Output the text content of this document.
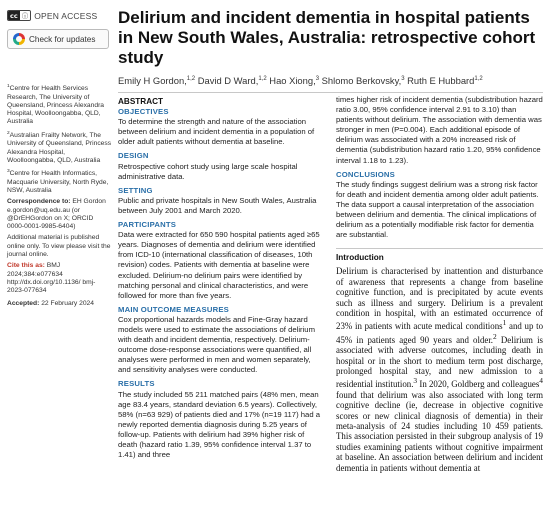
cc ⓘ OPEN ACCESS
Check for updates

$^1$Centre for Health Services Research, The University of Queensland, Princess Alexandra Hospital, Woolloongabba, QLD, Australia

$^2$Australian Frailty Network, The University of Queensland, Princess Alexandra Hospital, Woolloongabba, QLD, Australia

$^3$Centre for Health Informatics, Macquarie University, North Ryde, NSW, Australia

Correspondence to: EH Gordon e.gordon@uq.edu.au (or @DrEHGordon on X; ORCID 0000-0001-9985-6404)

Additional material is published online only. To view please visit the journal online.

Cite this as: BMJ 2024;384:e077634 http://dx.doi.org/10.1136/ bmj-2023-077634

Accepted: 22 February 2024

Delirium and incident dementia in hospital patients in New South Wales, Australia: retrospective cohort study
Emily H Gordon,$^{1,2}$ David D Ward,$^{1,2}$ Hao Xiong,$^3$ Shlomo Berkovsky,$^3$ Ruth E Hubbard$^{1,2}$
ABSTRACT
OBJECTIVES

To determine the strength and nature of the association between delirium and incident dementia in a population of older adult patients without dementia at baseline.

DESIGN

Retrospective cohort study using large scale hospital administrative data.

SETTING

Public and private hospitals in New South Wales, Australia between July 2001 and March 2020.

PARTICIPANTS

Data were extracted for 650 590 hospital patients aged ≥65 years. Diagnoses of dementia and delirium were identified from ICD-10 (international classification of diseases, 10th revision) codes. Patients with dementia at baseline were excluded. Delirium-no delirium pairs were identified by matching personal and clinical characteristics, and were followed for more than five years.

MAIN OUTCOME MEASURES

Cox proportional hazards models and Fine-Gray hazard models were used to estimate the associations of delirium with death and incident dementia, respectively. Delirium-outcome dose-response associations were quantified, all analyses were performed in men and women separately, and sensitivity analyses were conducted.

RESULTS

The study included 55 211 matched pairs (48% men, mean age 83.4 years, standard deviation 6.5 years). Collectively, 58% (n=63 929) of patients died and 17% (n=19 117) had a newly reported dementia diagnosis during 5.25 years of follow-up. Patients with delirium had 39% higher risk of death (hazard ratio 1.39, 95% confidence interval 1.37 to 1.41) and three

times higher risk of incident dementia (subdistribution hazard ratio 3.00, 95% confidence interval 2.91 to 3.10) than patients without delirium. The association with dementia was stronger in men (P=0.004). Each additional episode of delirium was associated with a 20% increased risk of dementia (subdistribution hazard ratio 1.20, 95% confidence interval 1.18 to 1.23).

CONCLUSIONS

The study findings suggest delirium was a strong risk factor for death and incident dementia among older adult patients. The data support a causal interpretation of the association between delirium and dementia. The clinical implications of delirium as a potentially modifiable risk factor for dementia are substantial.

Introduction

Delirium is characterised by inattention and disturbance of awareness that represents a change from baseline cognitive function, and is precipitated by acute events such as illness and surgery. Delirium is a prevalent condition in hospital, with an estimated occurrence of 23% in patients with acute medical conditions$^1$ and up to 45% in patients aged 90 years and older.$^2$ Delirium is associated with adverse outcomes, including death in hospital or in the short to medium term post discharge, prolonged hospital stay, and new admission to a residential institution.$^3$ In 2020, Goldberg and colleagues$^4$ found that delirium was also associated with long term cognitive decline (ie, decrease in objective cognitive scores or new clinical diagnosis of dementia) in their meta-analysis of 24 studies including 10 459 patients. This association persisted in their subgroup analysis of 19 studies examining patients without cognitive impairment at baseline. An association between delirium and incident dementia in patients without dementia at
